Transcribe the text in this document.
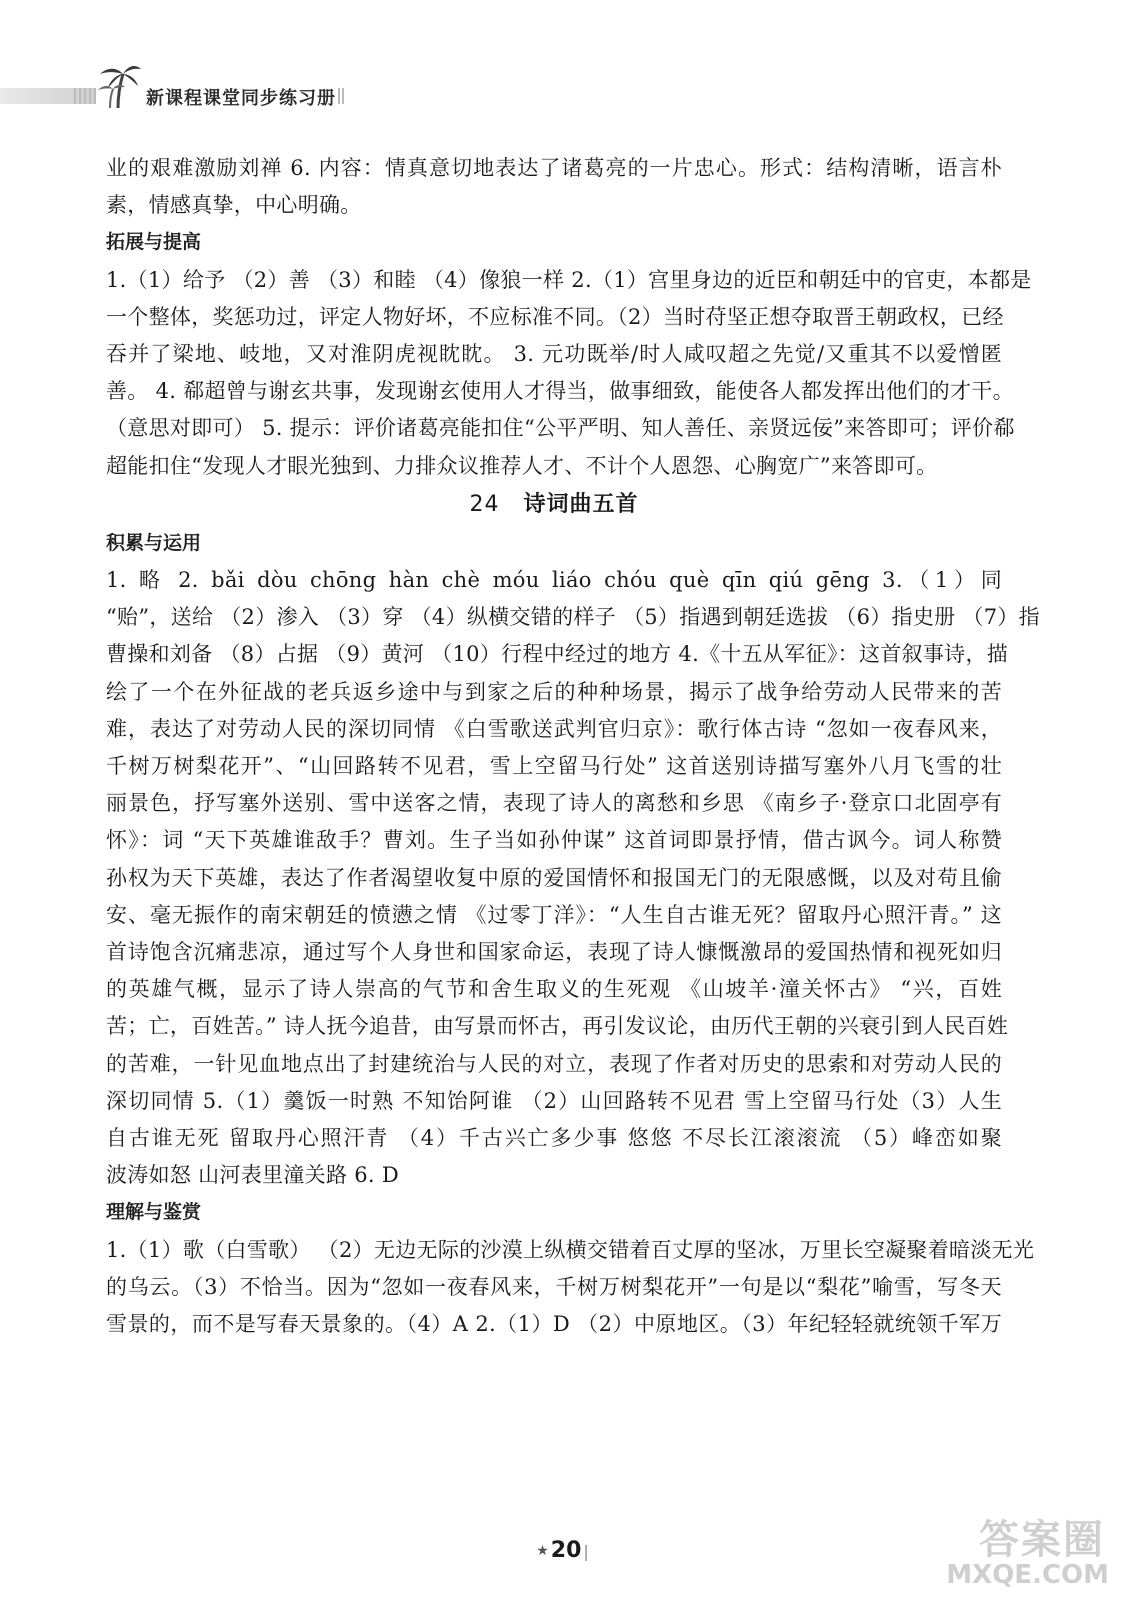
新课程课堂同步练习册

业的艰难激励刘禅 6. 内容：情真意切地表达了诸葛亮的一片忠心。形式：结构清晰，语言朴

素，情感真挚，中心明确。

拓展与提高

1.（1）给予 （2）善 （3）和睦 （4）像狼一样 2.（1）宫里身边的近臣和朝廷中的官吏，本都是

一个整体，奖惩功过，评定人物好坏，不应标准不同。（2）当时苻坚正想夺取晋王朝政权，已经

吞并了梁地、岐地，又对淮阴虎视眈眈。 3. 元功既举/时人咸叹超之先觉/又重其不以爱憎匿

善。 4. 郗超曾与谢玄共事，发现谢玄使用人才得当，做事细致，能使各人都发挥出他们的才干。

（意思对即可） 5. 提示：评价诸葛亮能扣住“公平严明、知人善任、亲贤远佞”来答即可；评价郗

超能扣住“发现人才眼光独到、力排众议推荐人才、不计个人恩怨、心胸宽广”来答即可。

24 诗词曲五首
积累与运用

1. 略 2. bǎi dòu chōng hàn chè móu liáo chóu què qīn qiú gēng 3.（1）同

“贻”，送给 （2）渗入 （3）穿 （4）纵横交错的样子 （5）指遇到朝廷选拔 （6）指史册 （7）指

曹操和刘备 （8）占据 （9）黄河 （10）行程中经过的地方 4.《十五从军征》：这首叙事诗，描

绘了一个在外征战的老兵返乡途中与到家之后的种种场景，揭示了战争给劳动人民带来的苦

难，表达了对劳动人民的深切同情 《白雪歌送武判官归京》：歌行体古诗 “忽如一夜春风来，

千树万树梨花开”、“山回路转不见君，雪上空留马行处” 这首送别诗描写塞外八月飞雪的壮

丽景色，抒写塞外送别、雪中送客之情，表现了诗人的离愁和乡思 《南乡子·登京口北固亭有

怀》：词 “天下英雄谁敌手？曹刘。生子当如孙仲谋” 这首词即景抒情，借古讽今。词人称赞

孙权为天下英雄，表达了作者渴望收复中原的爱国情怀和报国无门的无限感慨，以及对苟且偷

安、毫无振作的南宋朝廷的愤懑之情 《过零丁洋》：“人生自古谁无死？留取丹心照汗青。” 这

首诗饱含沉痛悲凉，通过写个人身世和国家命运，表现了诗人慷慨激昂的爱国热情和视死如归

的英雄气概，显示了诗人崇高的气节和舍生取义的生死观 《山坡羊·潼关怀古》 “兴，百姓

苦；亡，百姓苦。” 诗人抚今追昔，由写景而怀古，再引发议论，由历代王朝的兴衰引到人民百姓

的苦难，一针见血地点出了封建统治与人民的对立，表现了作者对历史的思索和对劳动人民的

深切同情 5.（1）羹饭一时熟 不知饴阿谁 （2）山回路转不见君 雪上空留马行处（3）人生

自古谁无死 留取丹心照汗青 （4）千古兴亡多少事 悠悠 不尽长江滚滚流 （5）峰峦如聚

波涛如怒 山河表里潼关路 6. D

理解与鉴赏

1.（1）歌（白雪歌） （2）无边无际的沙漠上纵横交错着百丈厚的坚冰，万里长空凝聚着暗淡无光

的乌云。（3）不恰当。因为“忽如一夜春风来，千树万树梨花开”一句是以“梨花”喻雪，写冬天

雪景的，而不是写春天景象的。（4）A 2.（1）D （2）中原地区。（3）年纪轻轻就统领千军万

★20 |	答案圈
MXQE.COM
